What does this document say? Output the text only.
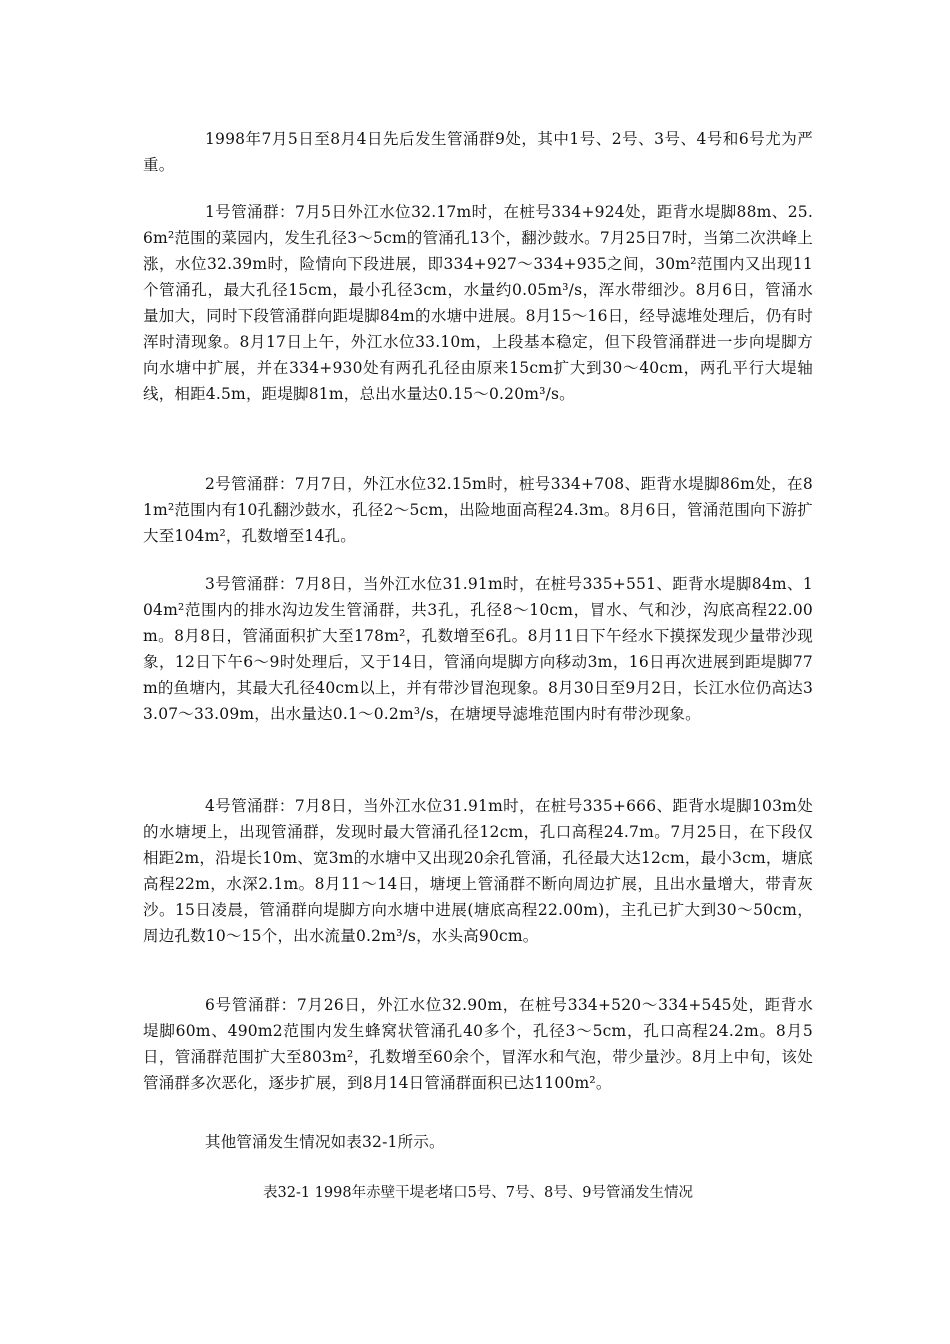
1998年7月5日至8月4日先后发生管涌群9处，其中1号、2号、3号、4号和6号尤为严重。

1号管涌群：7月5日外江水位32.17m时，在桩号334+924处，距背水堤脚88m、25.6m²范围的菜园内，发生孔径3～5cm的管涌孔13个，翻沙鼓水。7月25日7时，当第二次洪峰上涨，水位32.39m时，险情向下段进展，即334+927～334+935之间，30m²范围内又出现11个管涌孔，最大孔径15cm，最小孔径3cm，水量约0.05m³/s，浑水带细沙。8月6日，管涌水量加大，同时下段管涌群向距堤脚84m的水塘中进展。8月15～16日，经导滤堆处理后，仍有时浑时清现象。8月17日上午，外江水位33.10m，上段基本稳定，但下段管涌群进一步向堤脚方向水塘中扩展，并在334+930处有两孔孔径由原来15cm扩大到30～40cm，两孔平行大堤轴线，相距4.5m，距堤脚81m，总出水量达0.15～0.20m³/s。

2号管涌群：7月7日，外江水位32.15m时，桩号334+708、距背水堤脚86m处，在81m²范围内有10孔翻沙鼓水，孔径2～5cm，出险地面高程24.3m。8月6日，管涌范围向下游扩大至104m²，孔数增至14孔。

3号管涌群：7月8日，当外江水位31.91m时，在桩号335+551、距背水堤脚84m、104m²范围内的排水沟边发生管涌群，共3孔，孔径8～10cm，冒水、气和沙，沟底高程22.00m。8月8日，管涌面积扩大至178m²，孔数增至6孔。8月11日下午经水下摸探发现少量带沙现象，12日下午6～9时处理后，又于14日，管涌向堤脚方向移动3m，16日再次进展到距堤脚77m的鱼塘内，其最大孔径40cm以上，并有带沙冒泡现象。8月30日至9月2日，长江水位仍高达33.07～33.09m，出水量达0.1～0.2m³/s，在塘埂导滤堆范围内时有带沙现象。

4号管涌群：7月8日，当外江水位31.91m时，在桩号335+666、距背水堤脚103m处的水塘埂上，出现管涌群，发现时最大管涌孔径12cm，孔口高程24.7m。7月25日，在下段仅相距2m，沿堤长10m、宽3m的水塘中又出现20余孔管涌，孔径最大达12cm，最小3cm，塘底高程22m，水深2.1m。8月11～14日，塘埂上管涌群不断向周边扩展，且出水量增大，带青灰沙。15日凌晨，管涌群向堤脚方向水塘中进展(塘底高程22.00m)，主孔已扩大到30～50cm，周边孔数10～15个，出水流量0.2m³/s，水头高90cm。

6号管涌群：7月26日，外江水位32.90m，在桩号334+520～334+545处，距背水堤脚60m、490m2范围内发生蜂窝状管涌孔40多个，孔径3～5cm，孔口高程24.2m。8月5日，管涌群范围扩大至803m²，孔数增至60余个，冒浑水和气泡，带少量沙。8月上中旬，该处管涌群多次恶化，逐步扩展，到8月14日管涌群面积已达1100m²。

其他管涌发生情况如表32-1所示。

表32-1 1998年赤壁干堤老堵口5号、7号、8号、9号管涌发生情况
